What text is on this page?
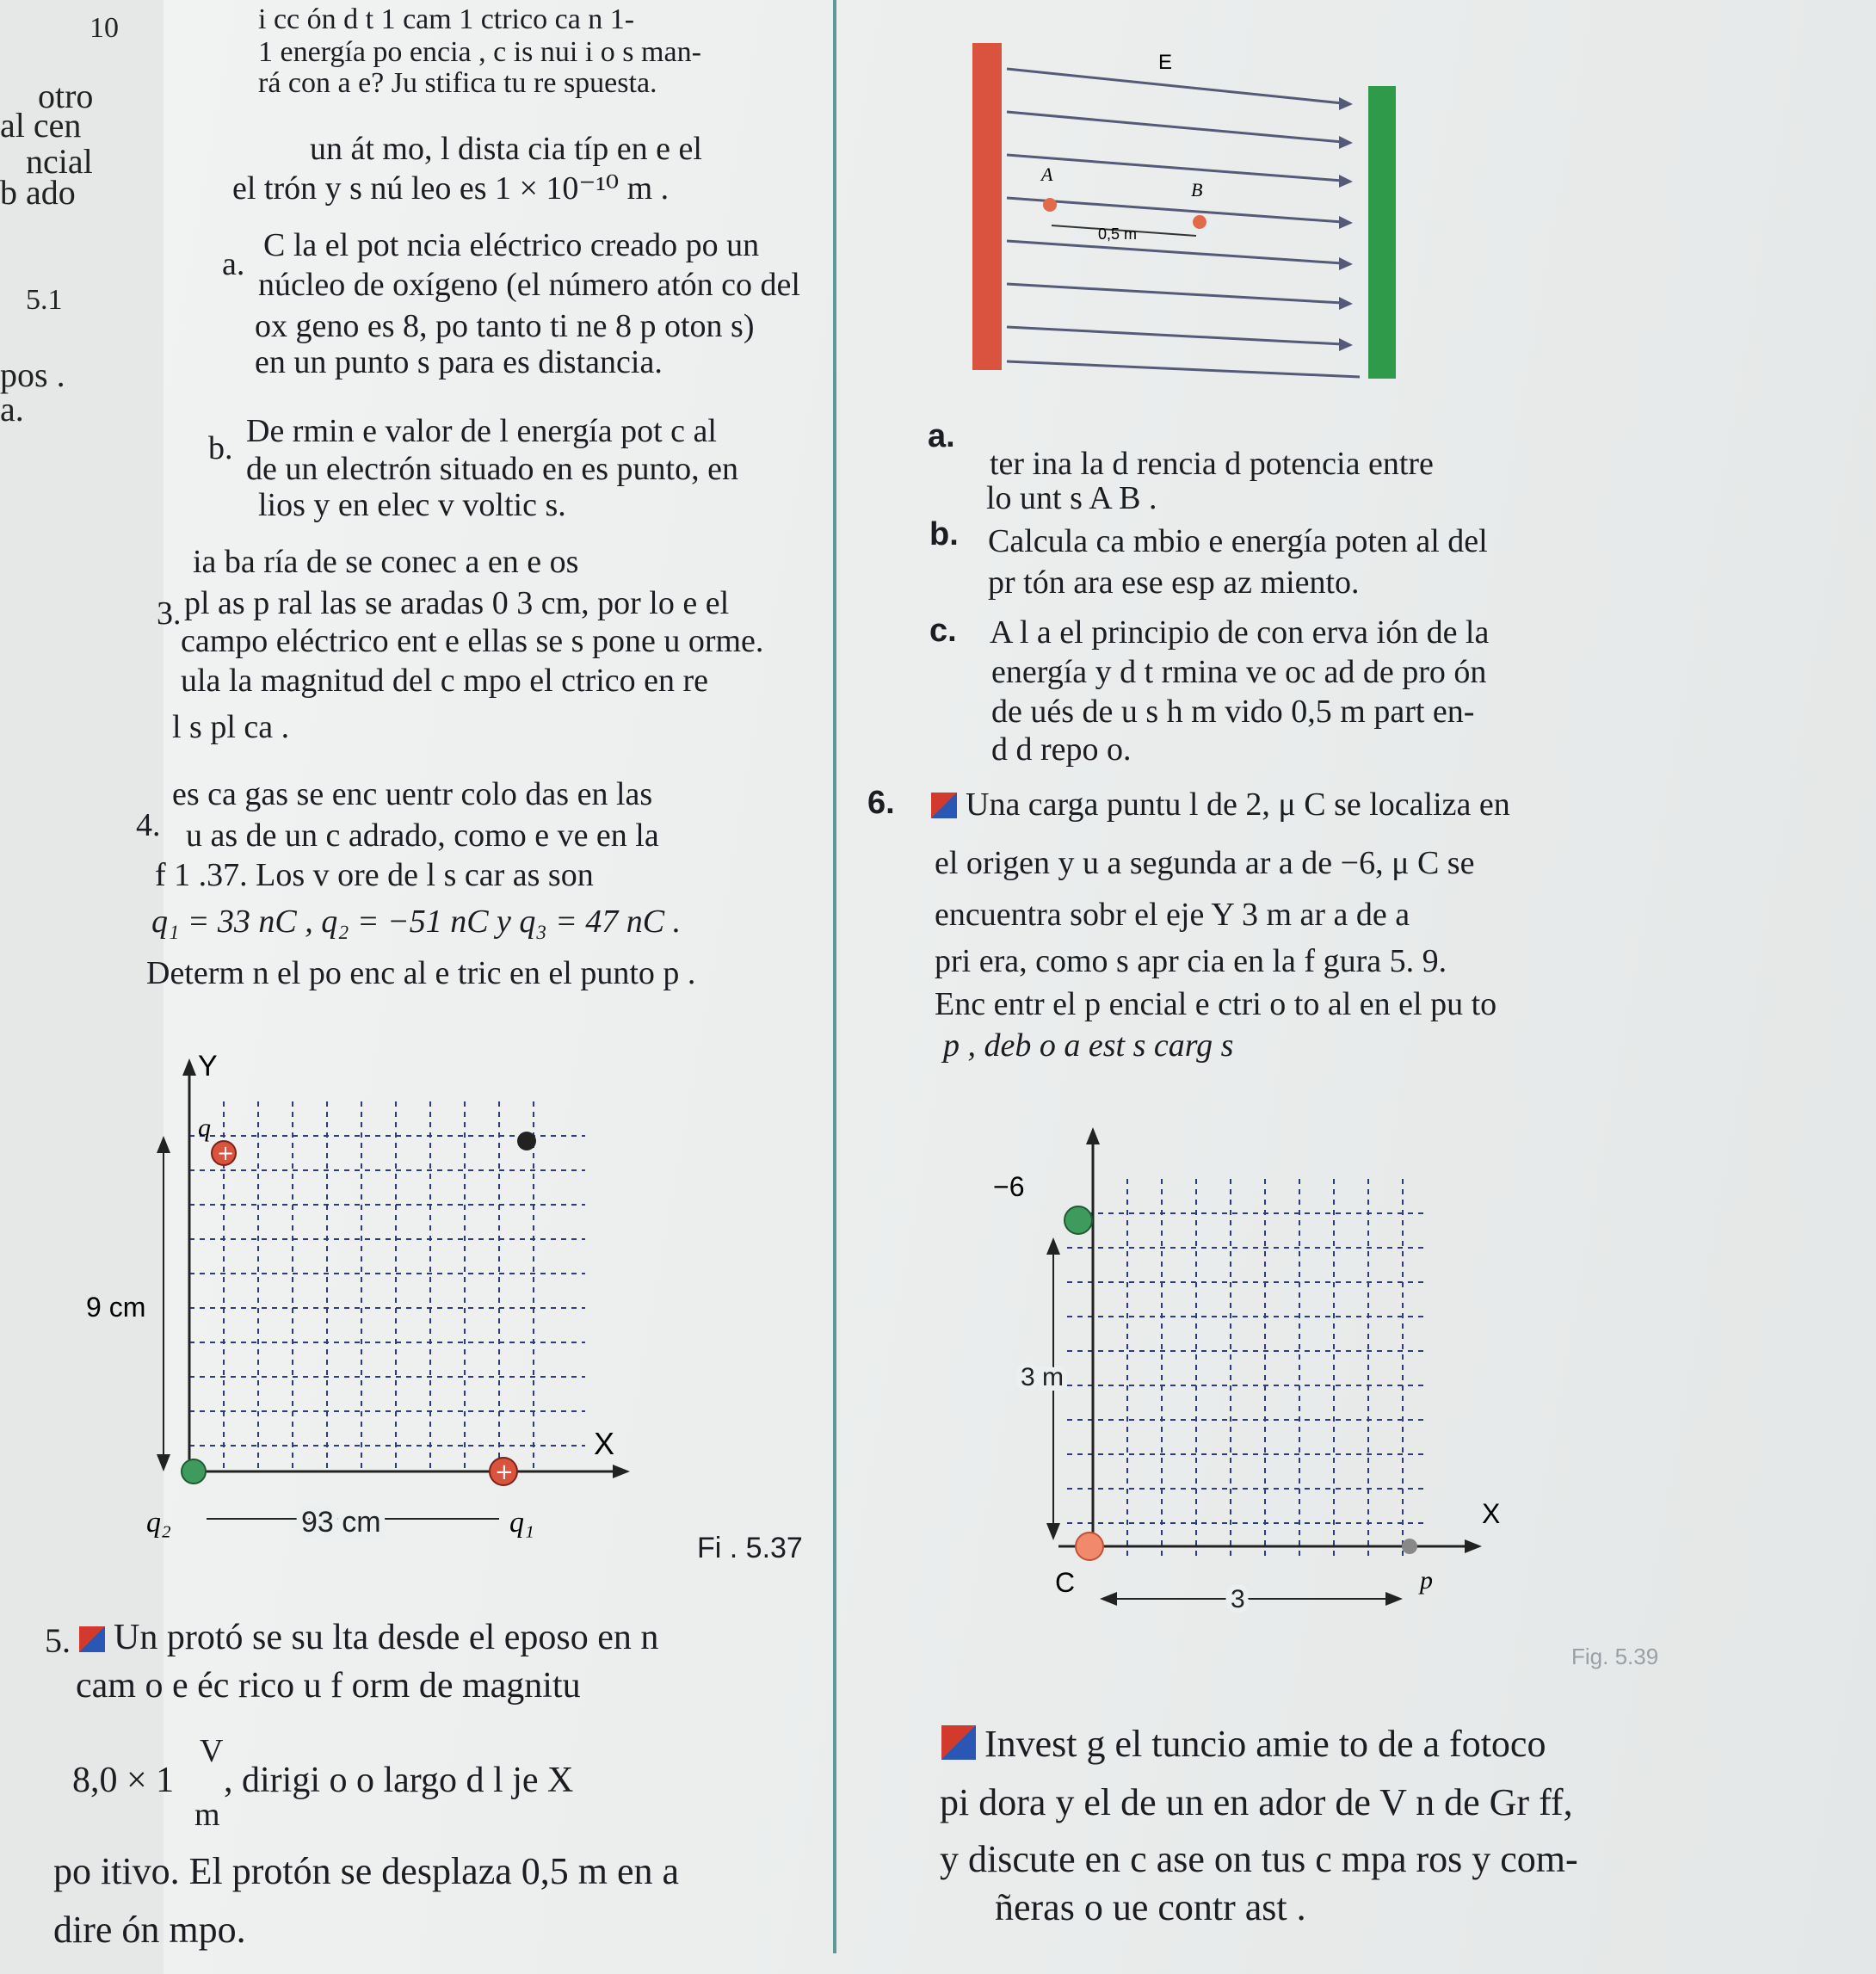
10
otro
al cen
ncial
b ado
5.1
pos .
a.
i cc ón d t 1 cam 1 ctrico ca n 1-
1 energía po encia , c is nui i o s man-
rá con a e? Ju stifica tu re spuesta.
un át mo, l dista cia típ en e el
el trón y s nú leo es 1 × 10⁻¹⁰ m .
a.
C la el pot ncia eléctrico creado po un
núcleo de oxígeno (el número atón co del
ox geno es 8, po tanto ti ne 8 p oton s)
en un punto s para es distancia.
b. De rmin e valor de l energía pot c al
de un electrón situado en es punto, en
lios y en elec v voltic s.
3.
ia ba ría de se conec a en e os
pl as p ral las se aradas 0 3 cm, por lo e el
campo eléctrico ent e ellas se s pone u orme.
ula la magnitud del c mpo el ctrico en re
l s pl ca .
4.
es ca gas se enc uentr colo das en las
u as de un c adrado, como e ve en la
f 1 .37. Los v ore de l s car as son
q₁ = 33 nC , q₂ = −51 nC y q₃ = 47 nC .
Determ n el po enc al e tric en el punto p .
Y
X
9 cm
93 cm
+
q
q₂
+
q₁
Fi . 5.37
5.	Un protó se su lta desde el eposo en n
cam o e éc rico u f orm de magnitu
8,0 × 1
V
m
, dirigi o o largo d l je X
po itivo. El protón se desplaza 0,5 m en a
dire ón mpo.
E
A
B
0,5 m
a.
ter ina la d rencia d potencia entre
lo unt s A B .
b. Calcula ca mbio e energía poten al del
pr tón ara ese esp az miento.
c. A l a el principio de con erva ión de la
energía y d t rmina ve oc ad de pro ón
de ués de u s h m vido 0,5 m part en-
d d repo o.
6.	Una carga puntu l de 2, μ C se localiza en
el origen y u a segunda ar a de −6, μ C se
encuentra sobr el eje Y 3 m ar a de a
pri era, como s apr cia en la f gura 5. 9.
Enc entr el p encial e ctri o to al en el pu to
p , deb o a est s carg s
X
−6
C	p
3 m
3
Fig. 5.39
Invest g el tuncio amie to de a fotoco
pi dora y el de un en ador de V n de Gr ff,
y discute en c ase on tus c mpa ros y com-
ñeras o ue contr ast .
